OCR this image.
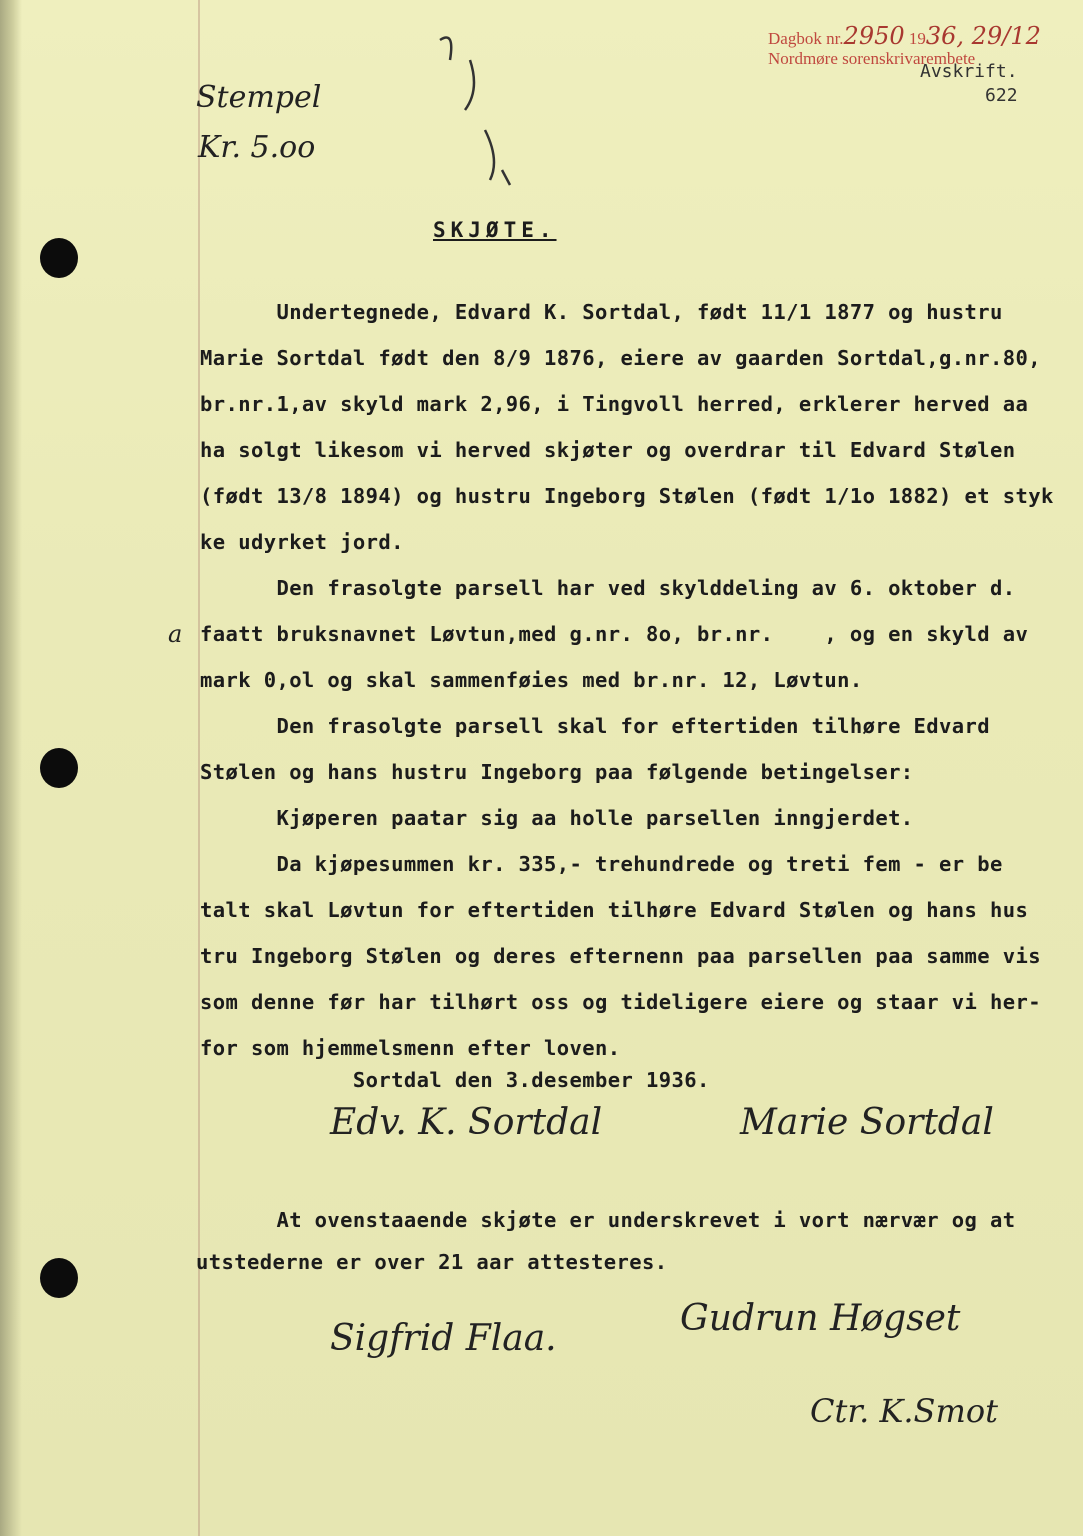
Dagbok nr.2950 1936, 29/12
Nordmøre sorenskrivarembete
Avskrift.
622
Stempel
Kr. 5.oo
SKJØTE.
a
Undertegnede, Edvard K. Sortdal, født 11/1 1877 og hustru
Marie Sortdal født den 8/9 1876, eiere av gaarden Sortdal,g.nr.80,
br.nr.1,av skyld mark 2,96, i Tingvoll herred, erklerer herved aa
ha solgt likesom vi herved skjøter og overdrar til Edvard Stølen
(født 13/8 1894) og hustru Ingeborg Stølen (født 1/1o 1882) et styk
ke udyrket jord.
Den frasolgte parsell har ved skylddeling av 6. oktober d.
faatt bruksnavnet Løvtun,med g.nr. 8o, br.nr.    , og en skyld av
mark 0,ol og skal sammenføies med br.nr. 12, Løvtun.
Den frasolgte parsell skal for eftertiden tilhøre Edvard
Stølen og hans hustru Ingeborg paa følgende betingelser:
Kjøperen paatar sig aa holle parsellen inngjerdet.
Da kjøpesummen kr. 335,- trehundrede og treti fem - er be
talt skal Løvtun for eftertiden tilhøre Edvard Stølen og hans hus
tru Ingeborg Stølen og deres efternenn paa parsellen paa samme vis
som denne før har tilhørt oss og tideligere eiere og staar vi her-
for som hjemmelsmenn efter loven.
Sortdal den 3.desember 1936.
Edv. K. Sortdal	Marie Sortdal
At ovenstaaende skjøte er underskrevet i vort nærvær og at
utstederne er over 21 aar attesteres.
Sigfrid Flaa.	Gudrun Høgset
Ctr. K.Smot
